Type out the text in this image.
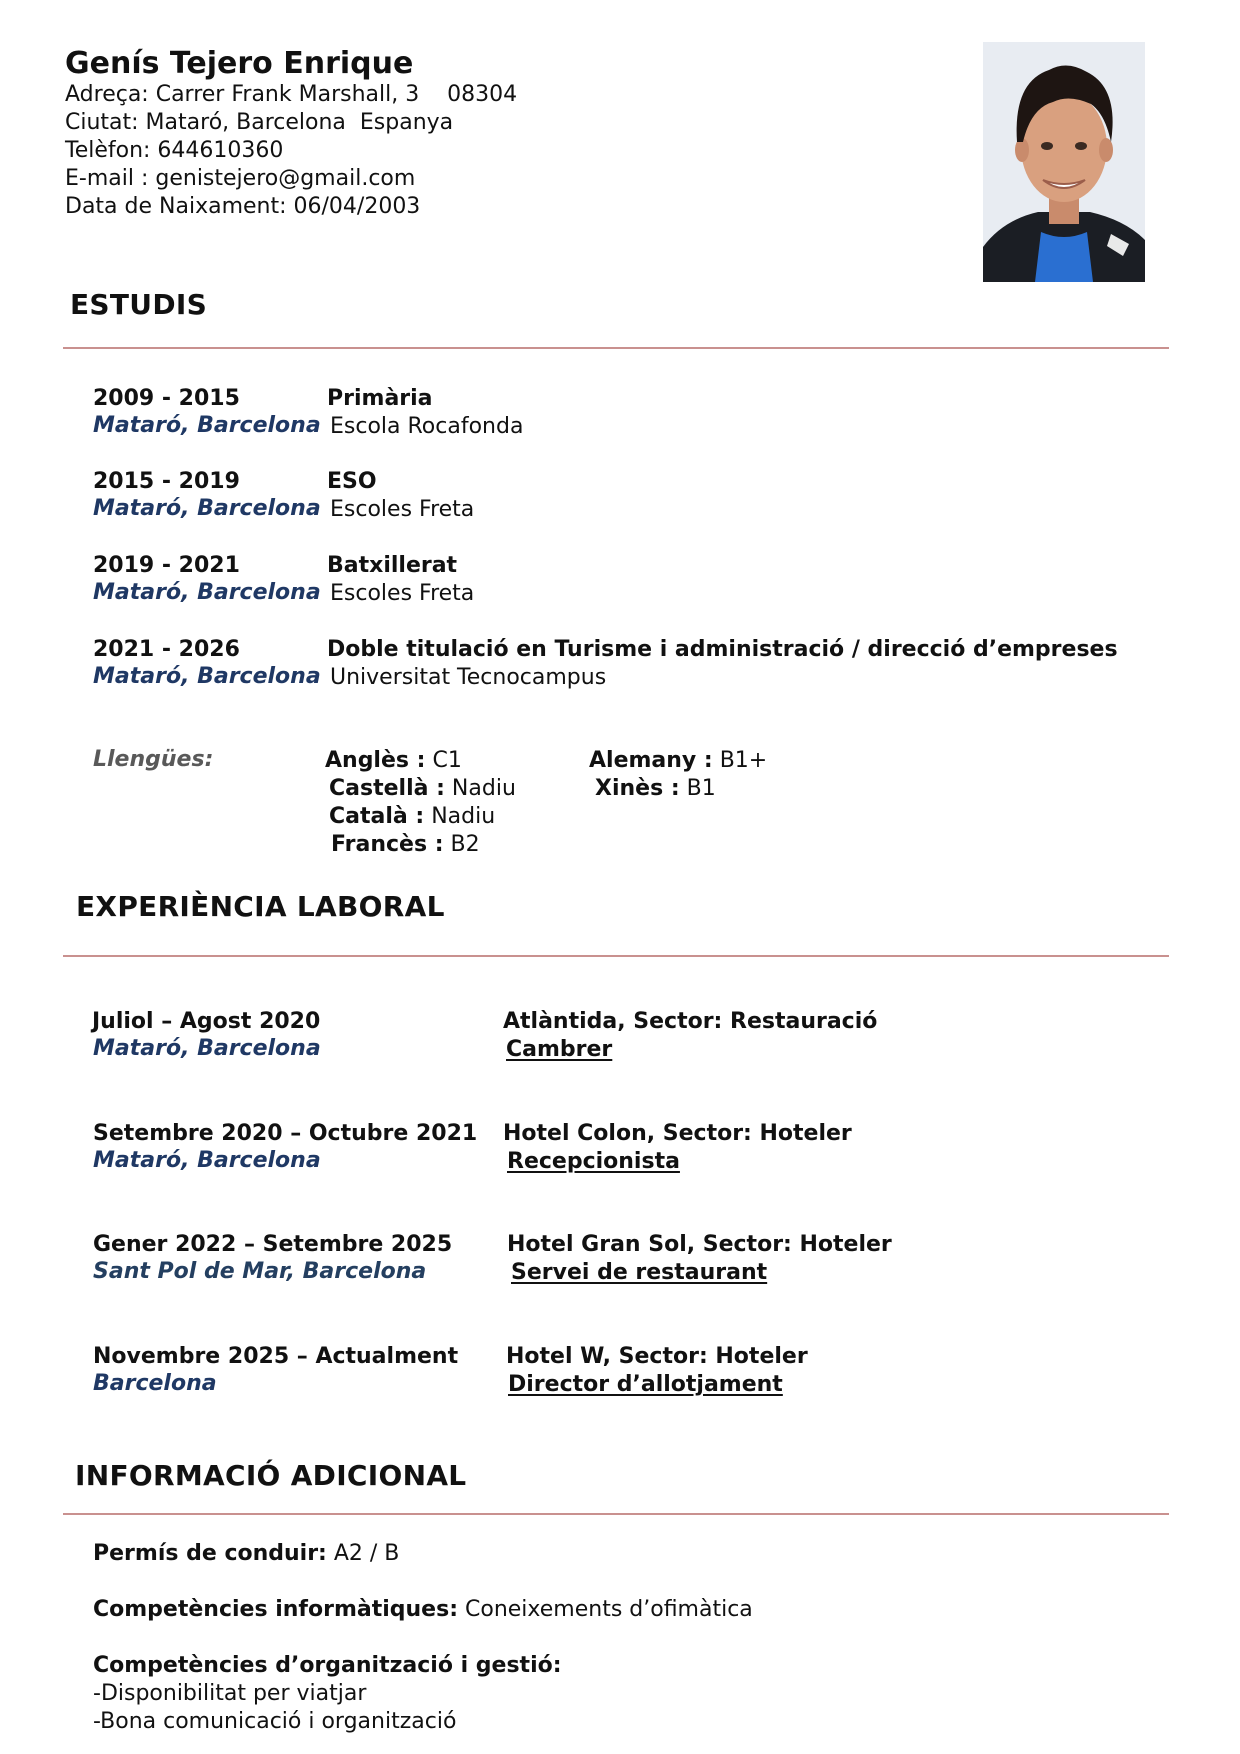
Genís Tejero Enrique
Adreça: Carrer Frank Marshall, 3    08304
Ciutat: Mataró, Barcelona  Espanya
Telèfon: 644610360
E-mail : genistejero@gmail.com
Data de Naixament: 06/04/2003
ESTUDIS
2009 - 2015
Mataró, Barcelona
Primària
Escola Rocafonda
2015 - 2019
Mataró, Barcelona
ESO
Escoles Freta
2019 - 2021
Mataró, Barcelona
Batxillerat
Escoles Freta
2021 - 2026
Mataró, Barcelona
Doble titulació en Turisme i administració / direcció d’empreses
Universitat Tecnocampus
Llengües:	Anglès : C1
Castellà : Nadiu
Català : Nadiu
Francès : B2
Alemany : B1+
Xinès : B1
EXPERIÈNCIA LABORAL
Juliol – Agost 2020
Mataró, Barcelona
Atlàntida, Sector: Restauració
Cambrer
Setembre 2020 – Octubre 2021
Mataró, Barcelona
Hotel Colon, Sector: Hoteler
Recepcionista
Gener 2022 – Setembre 2025
Sant Pol de Mar, Barcelona
Hotel Gran Sol, Sector: Hoteler
Servei de restaurant
Novembre 2025 – Actualment
Barcelona
Hotel W, Sector: Hoteler
Director d’allotjament
INFORMACIÓ ADICIONAL
Permís de conduir: A2 / B
Competències informàtiques: Coneixements d’ofimàtica
Competències d’organització i gestió:
-Disponibilitat per viatjar
-Bona comunicació i organització
